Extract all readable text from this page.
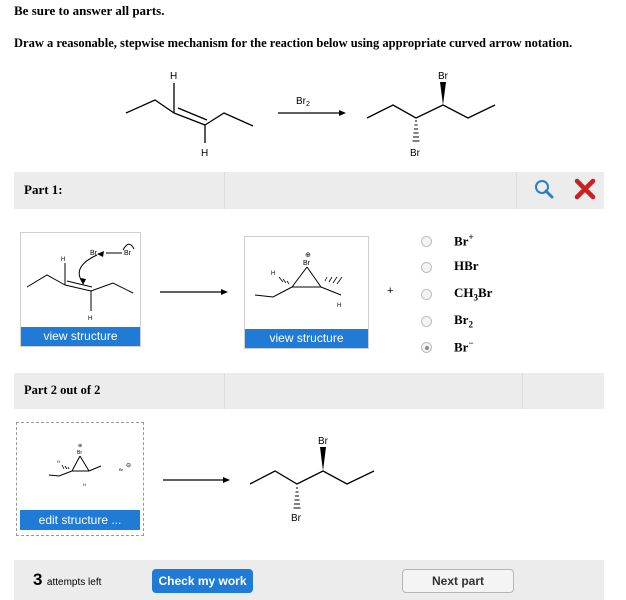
Be sure to answer all parts.
Draw a reasonable, stepwise mechanism for the reaction below using appropriate curved arrow notation.
H
H
$Br_2$
Br
Br
Part 1:
Br	Br
H
H
view structure
⊕
Br
H
H
view structure
+
Br+
HBr
$CH_3Br$
$Br_2$
Br−
Part 2 out of 2
⊕
Br
Br
⊖
H
H
edit structure ...
Br
Br
3 attempts left	Check my work	Next part
